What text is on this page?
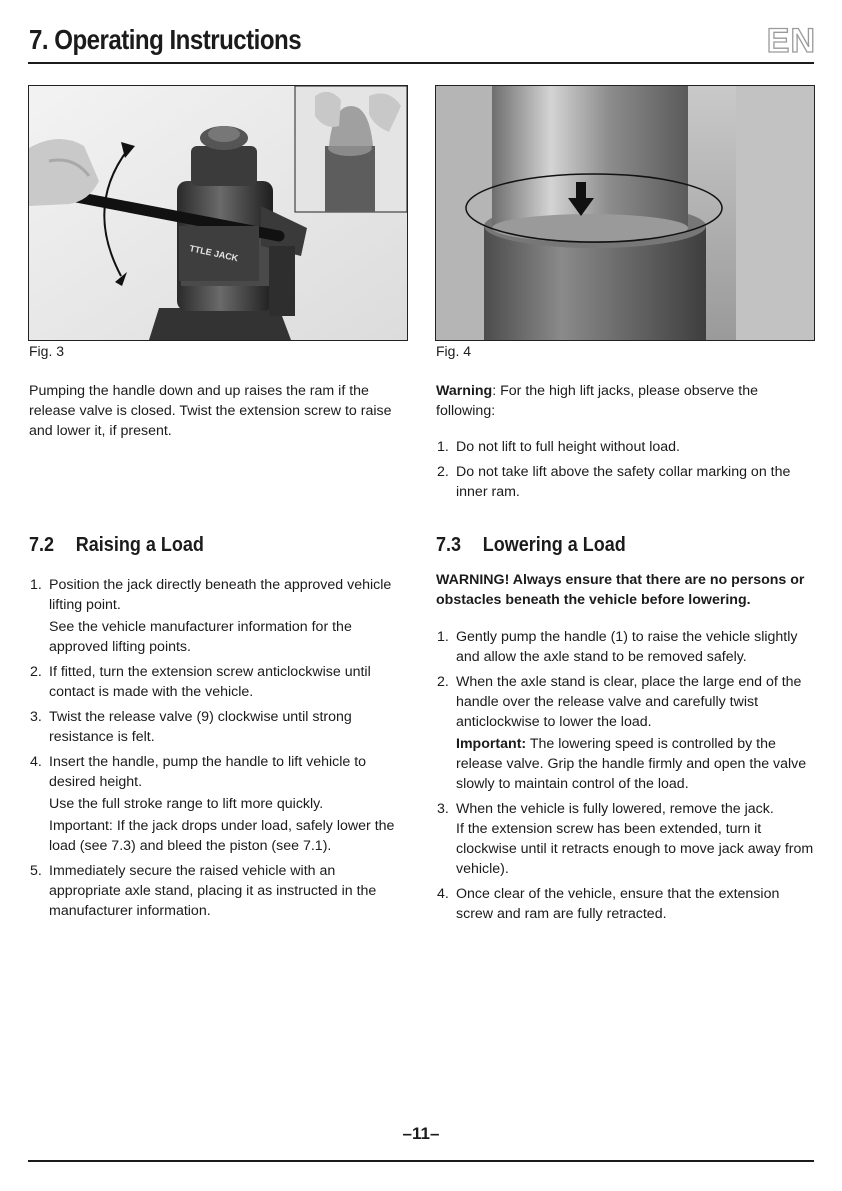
7. Operating Instructions	EN
TTLE JACK
Fig. 3	Fig. 4
Pumping the handle down and up raises the ram if the release valve is closed. Twist the extension screw to raise and lower it, if present.
Warning: For the high lift jacks, please observe the following:
1. Do not lift to full height without load.

2. Do not take lift above the safety collar marking on the inner ram.

7.2 Raising a Load
1. Position the jack directly beneath the approved vehicle lifting point.

See the vehicle manufacturer information for the approved lifting points.

2. If fitted, turn the extension screw anticlockwise until contact is made with the vehicle.

3. Twist the release valve (9) clockwise until strong resistance is felt.

4. Insert the handle, pump the handle to lift vehicle to desired height.

Use the full stroke range to lift more quickly.

Important: If the jack drops under load, safely lower the load (see 7.3) and bleed the piston (see 7.1).

5. Immediately secure the raised vehicle with an appropriate axle stand, placing it as instructed in the manufacturer information.

7.3 Lowering a Load
WARNING! Always ensure that there are no persons or obstacles beneath the vehicle before lowering.
1. Gently pump the handle (1) to raise the vehicle slightly and allow the axle stand to be removed safely.

2. When the axle stand is clear, place the large end of the handle over the release valve and carefully twist anticlockwise to lower the load.

Important: The lowering speed is controlled by the release valve. Grip the handle firmly and open the valve slowly to maintain control of the load.

3. When the vehicle is fully lowered, remove the jack.

If the extension screw has been extended, turn it clockwise until it retracts enough to move jack away from vehicle).

4. Once clear of the vehicle, ensure that the extension screw and ram are fully retracted.

–11–
